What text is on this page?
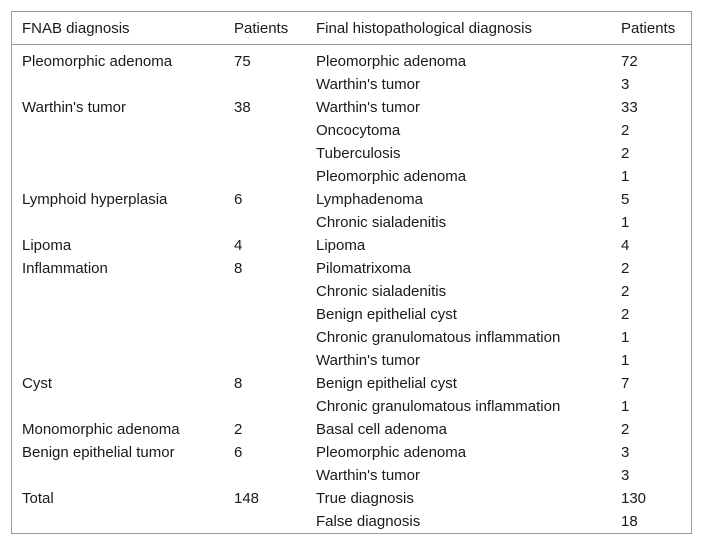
FNAB diagnosis	Patients	Final histopathological diagnosis	Patients
Pleomorphic adenoma	75	Pleomorphic adenoma	72
		Warthin's tumor	3
Warthin's tumor	38	Warthin's tumor	33
		Oncocytoma	2
		Tuberculosis	2
		Pleomorphic adenoma	1
Lymphoid hyperplasia	6	Lymphadenoma	5
		Chronic sialadenitis	1
Lipoma	4	Lipoma	4
Inflammation	8	Pilomatrixoma	2
		Chronic sialadenitis	2
		Benign epithelial cyst	2
		Chronic granulomatous inflammation	1
		Warthin's tumor	1
Cyst	8	Benign epithelial cyst	7
		Chronic granulomatous inflammation	1
Monomorphic adenoma	2	Basal cell adenoma	2
Benign epithelial tumor	6	Pleomorphic adenoma	3
		Warthin's tumor	3
Total	148	True diagnosis	130
		False diagnosis	18
